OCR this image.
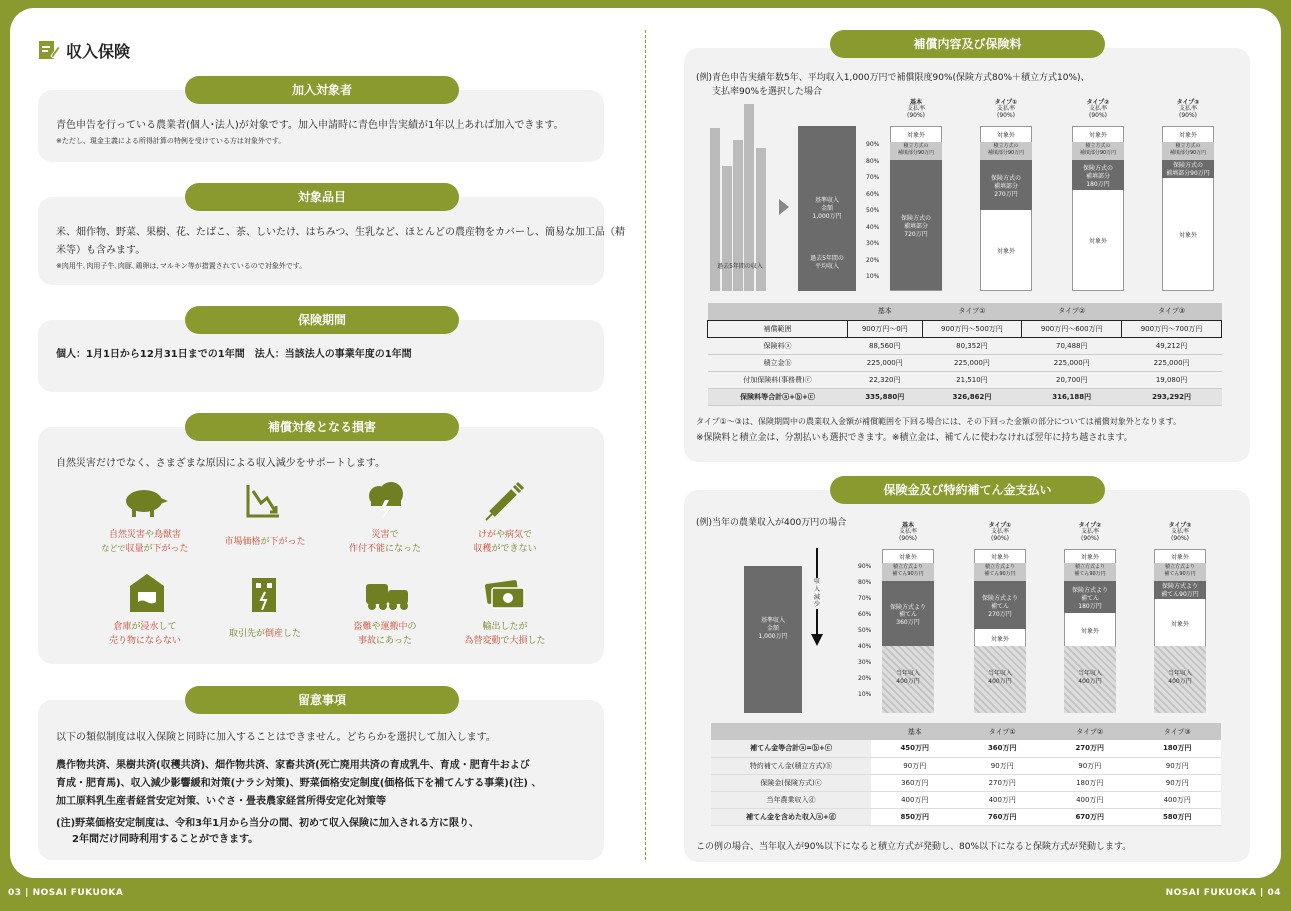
03 | NOSAI FUKUOKA	NOSAI FUKUOKA | 04
収入保険
加入対象者
青色申告を行っている農業者(個人･法人)が対象です。加入申請時に青色申告実績が1年以上あれば加入できます。
※ただし、現金主義による所得計算の特例を受けている方は対象外です。
対象品目
米、畑作物、野菜、果樹、花、たばこ、茶、しいたけ、はちみつ、生乳など、ほとんどの農産物をカバーし、簡易な加工品（精
米等）も含みます。
※肉用牛､肉用子牛､肉豚､鶏卵は､マルキン等が措置されているので対象外です。
保険期間
個人：1月1日から12月31日までの1年間　法人：当該法人の事業年度の1年間
補償対象となる損害
自然災害だけでなく、さまざまな原因による収入減少をサポートします。
自然災害や鳥獣害
などで収量が下がった
市場価格が下がった
災害で
作付不能になった
けがや病気で
収穫ができない
倉庫が浸水して
売り物にならない
取引先が倒産した
盗難や運搬中の
事故にあった
輸出したが
為替変動で大損した
留意事項
以下の類似制度は収入保険と同時に加入することはできません。どちらかを選択して加入します。
農作物共済、果樹共済(収穫共済)、畑作物共済、家畜共済(死亡廃用共済の育成乳牛、育成・肥育牛および
育成・肥育馬)、収入減少影響緩和対策(ナラシ対策)、野菜価格安定制度(価格低下を補てんする事業)(注) 、
加工原料乳生産者経営安定対策、いぐさ・畳表農家経営所得安定化対策等
(注)野菜価格安定制度は、令和3年1月から当分の間、初めて収入保険に加入される方に限り、
2年間だけ同時利用することができます。
補償内容及び保険料
(例)青色申告実績年数5年、平均収入1,000万円で補償限度90%(保険方式80%＋積立方式10%)、
支払率90%を選択した場合
過去5年間の収入
基準収入
金額
1,000万円
過去5年間の
平均収入
	基本	タイプ①	タイプ②	タイプ③
補償範囲	900万円～0円	900万円～500万円	900万円～600万円	900万円～700万円
保険料ⓐ	88,560円	80,352円	70,488円	49,212円
積立金ⓑ	225,000円	225,000円	225,000円	225,000円
付加保険料(事務費)ⓒ	22,320円	21,510円	20,700円	19,080円
保険料等合計ⓐ+ⓑ+ⓒ	335,880円	326,862円	316,188円	293,292円
タイプ①～③は、保険期間中の農業収入金額が補償範囲を下回る場合には、その下回った金額の部分については補償対象外となります。
※保険料と積立金は、分割払いも選択できます。※積立金は、補てんに使わなければ翌年に持ち越されます。
保険金及び特約補てん金支払い
(例)当年の農業収入が400万円の場合
基準収入
金額
1,000万円
収入減少
	基本	タイプ①	タイプ②	タイプ③
補てん金等合計ⓐ=ⓑ+ⓒ	450万円	360万円	270万円	180万円
特約補てん金(積立方式)ⓑ	90万円	90万円	90万円	90万円
保険金(保険方式)ⓒ	360万円	270万円	180万円	90万円
当年農業収入ⓓ	400万円	400万円	400万円	400万円
補てん金を含めた収入ⓐ+ⓓ	850万円	760万円	670万円	580万円
この例の場合、当年収入が90%以下になると積立方式が発動し、80%以下になると保険方式が発動します。
90%
80%
70%
60%
50%
40%
30%
20%
10%
90%
80%
70%
60%
50%
40%
30%
20%
10%
基本
支払率
(90%)
対象外
積立方式の
補填部分90万円
保険方式の
補填部分
720万円
タイプ①
支払率
(90%)
対象外
積立方式の
補填部分90万円
保険方式の
補填部分
270万円
対象外
タイプ②
支払率
(90%)
対象外
積立方式の
補填部分90万円
保険方式の
補填部分
180万円
対象外
タイプ③
支払率
(90%)
対象外
積立方式の
補填部分90万円
保険方式の
補填部分90万円
対象外
基本
支払率
(90%)
対象外
積立方式より
補てん90万円
保険方式より
補てん
360万円
当年収入
400万円
タイプ①
支払率
(90%)
対象外
積立方式より
補てん90万円
保険方式より
補てん
270万円
対象外
当年収入
400万円
タイプ②
支払率
(90%)
対象外
積立方式より
補てん90万円
保険方式より
補てん
180万円
対象外
当年収入
400万円
タイプ③
支払率
(90%)
対象外
積立方式より
補てん90万円
保険方式より
補てん90万円
対象外
当年収入
400万円
